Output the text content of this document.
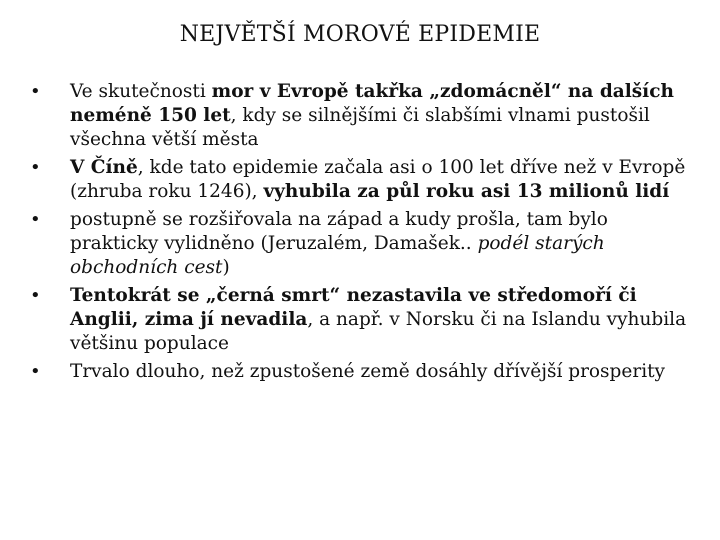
NEJVĚTŠÍ MOROVÉ EPIDEMIE
•	Ve skutečnosti mor v Evropě takřka „zdomácněl“ na dalších neméně 150 let, kdy se silnějšími či slabšími vlnami pustošil všechna větší města
•	V Číně, kde tato epidemie začala asi o 100 let dříve než v Evropě (zhruba roku 1246), vyhubila za půl roku asi 13 milionů lidí
•	postupně se rozšiřovala na západ a kudy prošla, tam bylo prakticky vylidněno (Jeruzalém, Damašek.. podél starých obchodních cest)
•	Tentokrát se „černá smrt“ nezastavila ve středomoří či Anglii, zima jí nevadila, a např. v Norsku či na Islandu vyhubila většinu populace
•	Trvalo dlouho, než zpustošené země dosáhly dřívější prosperity
